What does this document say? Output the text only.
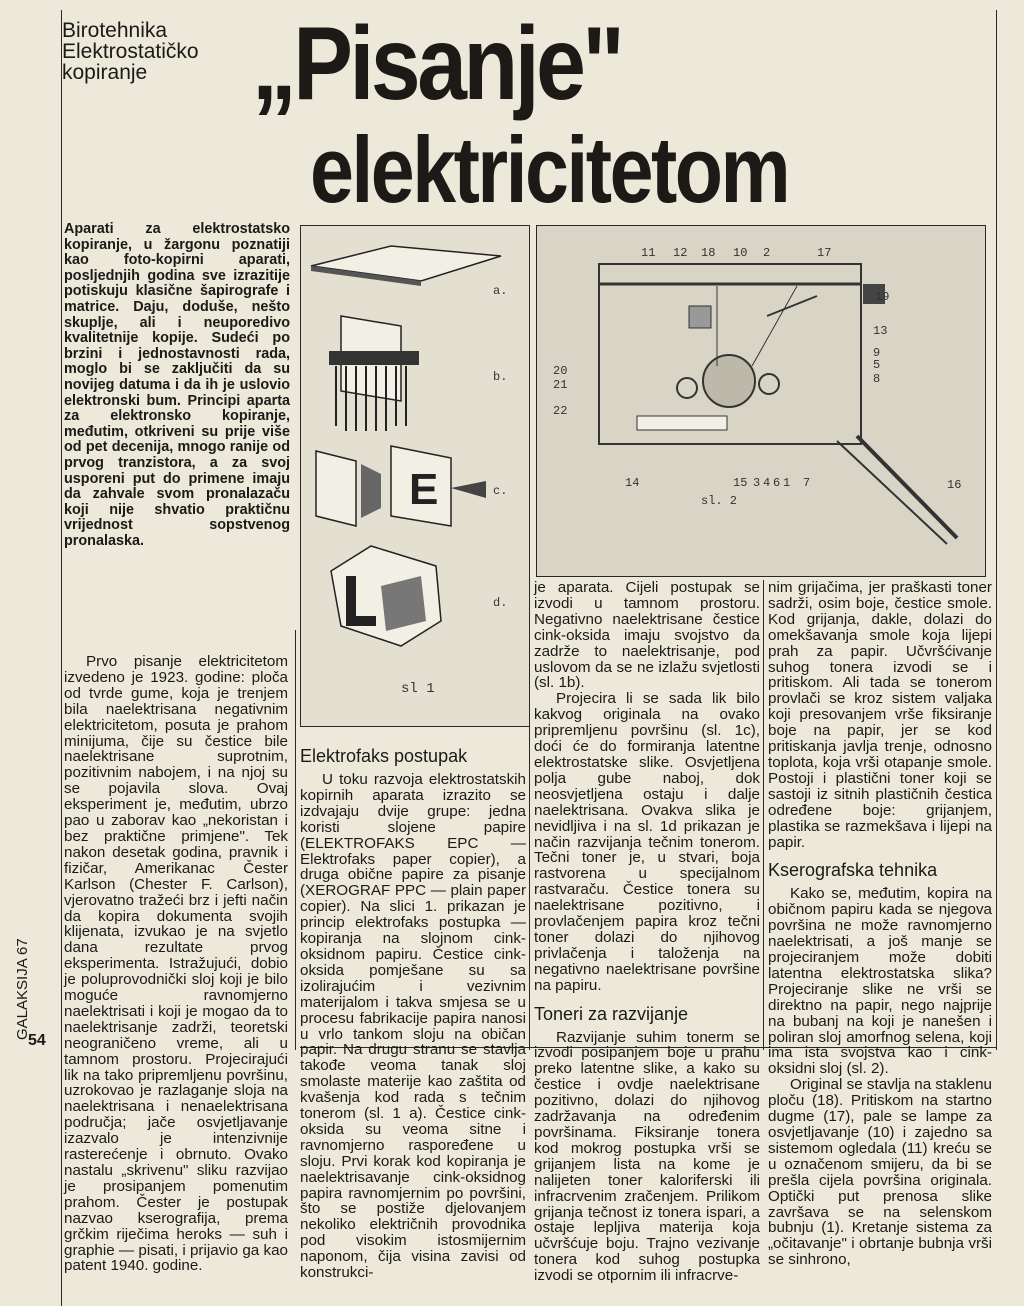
Birotehnika
Elektrostatičko
kopiranje	„Pisanje"
elektricitetom
Aparati za elektrostatsko kopiranje, u žargonu poznatiji kao foto-kopirni aparati, posljednjih godina sve izrazitije potiskuju klasične šapirografe i matrice. Daju, doduše, nešto skuplje, ali i neuporedivo kvalitetnije kopije. Sudeći po brzini i jednostavnosti rada, moglo bi se zaključiti da su novijeg datuma i da ih je uslovio elektronski bum. Principi aparta za elektronsko kopiranje, međutim, otkriveni su prije više od pet decenija, mnogo ranije od prvog tranzistora, a za svoj usporeni put do primene imaju da zahvale svom pronalazaču koji nije shvatio praktičnu vrijednost sopstvenog pronalaska.
E
a.
b.
c.
d.
sl 1
11 12 18 10 2	17
19
13
9
5
8
20
21
22
14	15 3 4 6 1 7	16
sl. 2

Prvo pisanje elektricitetom izvedeno je 1923. godine: ploča od tvrde gume, koja je trenjem bila naelektrisana negativnim elektricitetom, posuta je prahom minijuma, čije su čestice bile naelektrisane suprotnim, pozitivnim nabojem, i na njoj su se pojavila slova. Ovaj eksperiment je, međutim, ubrzo pao u zaborav kao „nekoristan i bez praktične primjene". Tek nakon desetak godina, pravnik i fizičar, Amerikanac Čester Karlson (Chester F. Carlson), vjerovatno tražeći brz i jefti način da kopira dokumenta svojih klijenata, izvukao je na svjetlo dana rezultate prvog eksperimenta. Istražujući, dobio je poluprovodnički sloj koji je bilo moguće ravnomjerno naelektrisati i koji je mogao da to naelektrisanje zadrži, teoretski neograničeno vreme, ali u tamnom prostoru. Projecirajući lik na tako pripremljenu površinu, uzrokovao je razlaganje sloja na naelektrisana i nenaelektrisana područja; jače osvjetljavanje izazvalo je intenzivnije rasterećenje i obrnuto. Ovako nastalu „skrivenu" sliku razvijao je prosipanjem pomenutim prahom. Čester je postupak nazvao kserografija, prema grčkim riječima heroks — suh i graphie — pisati, i prijavio ga kao patent 1940. godine.

Elektrofaks postupak

U toku razvoja elektrostatskih kopirnih aparata izrazito se izdvajaju dvije grupe: jedna koristi slojene papire (ELEKTROFAKS EPC — Elektrofaks paper copier), a druga obične papire za pisanje (XEROGRAF PPC — plain paper copier). Na slici 1. prikazan je princip elektrofaks postupka — kopiranja na slojnom cink-oksidnom papiru. Čestice cink-oksida pomješane su sa izolirajućim i vezivnim materijalom i takva smjesa se u procesu fabrikacije papira nanosi u vrlo tankom sloju na običan papir. Na drugu stranu se stavlja takođe veoma tanak sloj smolaste materije kao zaštita od kvašenja kod rada s tečnim tonerom (sl. 1 a). Čestice cink-oksida su veoma sitne i ravnomjerno raspoređene u sloju. Prvi korak kod kopiranja je naelektrisavanje cink-oksidnog papira ravnomjernim po površini, što se postiže djelovanjem nekoliko električnih provodnika pod visokim istosmijernim naponom, čija visina zavisi od konstrukci-

je aparata. Cijeli postupak se izvodi u tamnom prostoru. Negativno naelektrisane čestice cink-oksida imaju svojstvo da zadrže to naelektrisanje, pod uslovom da se ne izlažu svjetlosti (sl. 1b).

Projecira li se sada lik bilo kakvog originala na ovako pripremljenu površinu (sl. 1c), doći će do formiranja latentne elektrostatske slike. Osvjetljena polja gube naboj, dok neosvjetljena ostaju i dalje naelektrisana. Ovakva slika je nevidljiva i na sl. 1d prikazan je način razvijanja tečnim tonerom. Tečni toner je, u stvari, boja rastvorena u specijalnom rastvaraču. Čestice tonera su naelektrisane pozitivno, i provlačenjem papira kroz tečni toner dolazi do njihovog privlačenja i taloženja na negativno naelektrisane površine na papiru.

Toneri za razvijanje

Razvijanje suhim tonerm se izvodi posipanjem boje u prahu preko latentne slike, a kako su čestice i ovdje naelektrisane pozitivno, dolazi do njihovog zadržavanja na određenim površinama. Fiksiranje tonera kod mokrog postupka vrši se grijanjem lista na kome je nalijeten toner kaloriferski ili infracrvenim zračenjem. Prilikom grijanja tečnost iz tonera ispari, a ostaje lepljiva materija koja učvršćuje boju. Trajno vezivanje tonera kod suhog postupka izvodi se otpornim ili infracrve-

nim grijačima, jer praškasti toner sadrži, osim boje, čestice smole. Kod grijanja, dakle, dolazi do omekšavanja smole koja lijepi prah za papir. Učvršćivanje suhog tonera izvodi se i pritiskom. Ali tada se tonerom provlači se kroz sistem valjaka koji presovanjem vrše fiksiranje boje na papir, jer se kod pritiskanja javlja trenje, odnosno toplota, koja vrši otapanje smole. Postoji i plastični toner koji se sastoji iz sitnih plastičnih čestica određene boje: grijanjem, plastika se razmekšava i lijepi na papir.

Kserografska tehnika

Kako se, međutim, kopira na običnom papiru kada se njegova površina ne može ravnomjerno naelektrisati, a još manje se projeciranjem može dobiti latentna elektrostatska slika? Projeciranje slike ne vrši se direktno na papir, nego najprije na bubanj na koji je nanešen i poliran sloj amorfnog selena, koji ima ista svojstva kao i cink-oksidni sloj (sl. 2).

Original se stavlja na staklenu ploču (18). Pritiskom na startno dugme (17), pale se lampe za osvjetljavanje (10) i zajedno sa sistemom ogledala (11) kreću se u označenom smijeru, da bi se prešla cijela površina originala. Optički put prenosa slike završava se na selenskom bubnju (1). Kretanje sistema za „očitavanje" i obrtanje bubnja vrši se sinhrono,

GALAKSIJA 67
54
